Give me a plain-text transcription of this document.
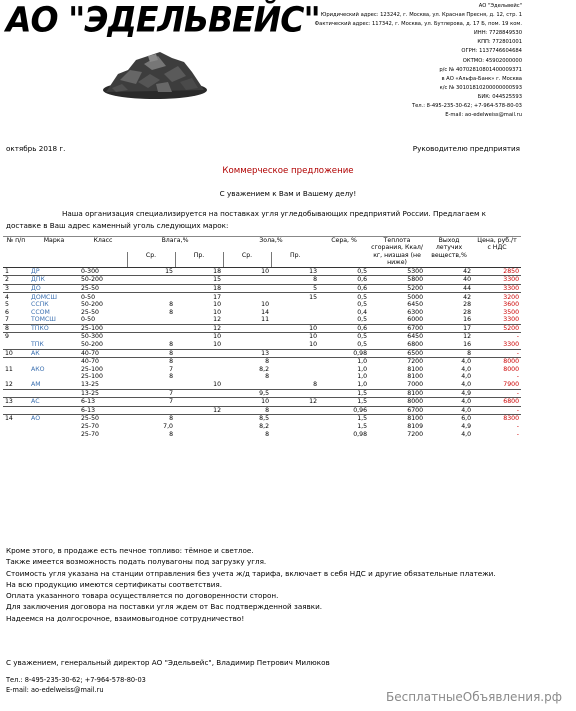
АО "ЭДЕЛЬВЕЙС"	АО "Эдельвейс"
Юридический адрес: 123242, г. Москва, ул. Красная Пресня, д. 12, стр. 1
Фактический адрес: 117342, г. Москва, ул. Бутлерова, д. 17 Б, пом. 19 ком.
ИНН: 7728849530
КПП: 772801001
ОГРН: 1137746604684
ОКТМО: 45902000000
р/с № 40702810801400009371
в АО «Альфа-Банк» г. Москва
к/с № 30101810200000000593
БИК: 044525593
Тел.: 8-495-235-30-62; +7-964-578-80-03
E-mail: ao-edelweiss@mail.ru
октябрь 2018 г.	Руководителю предприятия
Коммерческое предложение
С уважением к Вам и Вашему делу!
Наша организация специализируется на поставках угля угледобывающих предприятий России. Предлагаем к доставке в Ваш адрес каменный уголь следующих марок:
№ п/п	Марка	Класс	Влага,%		Зола,%		Сера, %	Теплота сгорания, Ккал/кг, низшая (не ниже)	Выход летучих веществ,%	Цена, руб./т с НДС
			Ср.	Пр.	Ср.	Пр.				
1	ДР	0-300	15	18	10	13	0,5	5300	42	2850
2	ДПК	50-200		15		8	0,6	5800	40	3300
3	ДО	25-50		18		5	0,6	5200	44	3300
4	ДОМСШ	0-50		17		15	0,5	5000	42	3200
5	ССПК	50-200	8	10	10		0,5	6450	28	3600
6	ССОМ	25-50	8	10	14		0,4	6300	28	3500
7	ТОМСШ	0-50		12	11		0,5	6000	16	3300
8	ТПКО	25-100		12		10	0,6	6700	17	5200
9		50-300		10		10	0,5	6450	12	-
	ТПК	50-200	8	10		10	0,5	6800	16	3300
10	АК	40-70	8		13		0,98	6500	8	-
		40-70	8		8		1,0	7200	4,0	8000
11	АКО	25-100	7		8,2		1,0	8100	4,0	8000
		25-100	8		8		1,0	8100	4,0	-
12	АМ	13-25		10		8	1,0	7000	4,0	7900
		13-25	7		9,5		1,5	8100	4,9	-
13	АС	6-13	7		10	12	1,5	8000	4,0	6800
		6-13		12	8		0,96	6700	4,0	-
14	АО	25-50	8		8,5		1,5	8100	6,0	8300
		25-70	7,0		8,2		1,5	8109	4,9	-
		25-70	8		8		0,98	7200	4,0	-

Кроме этого, в продаже есть печное топливо: тёмное и светлое.

Также имеется возможность подать полувагоны под загрузку угля.

Стоимость угля указана на станции отправления без учета ж/д тарифа, включает в себя НДС и другие обязательные платежи.

На всю продукцию имеются сертификаты соответствия.

Оплата указанного товара осуществляется по договоренности сторон.

Для заключения договора на поставки угля ждем от Вас подтвержденной заявки.

Надеемся на долгосрочное, взаимовыгодное сотрудничество!

С уважением, генеральный директор АО "Эдельвейс", Владимир Петрович Милюков
Тел.: 8-495-235-30-62; +7-964-578-80-03
E-mail: ao-edelweiss@mail.ru
БесплатныеОбъявления.рф
